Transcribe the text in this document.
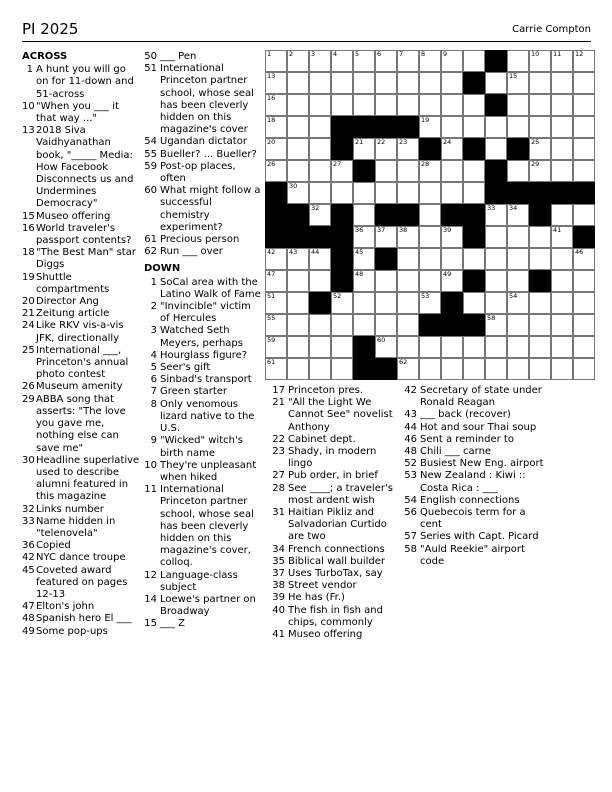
PI 2025	Carrie Compton
ACROSS
1 A hunt you will go on for 11-down and 51-across
10 "When you ___ it that way ..."
13 2018 Siva Vaidhyanathan book, "_____ Media: How Facebook Disconnects us and Undermines Democracy"
15 Museo offering
16 World traveler's passport contents?
18 "The Best Man" star Diggs
19 Shuttle compartments
20 Director Ang
21 Zeitung article
24 Like RKV vis-a-vis JFK, directionally
25 International ___, Princeton's annual photo contest
26 Museum amenity
29 ABBA song that asserts: "The love you gave me, nothing else can save me"
30 Headline superlative used to describe alumni featured in this magazine
32 Links number
33 Name hidden in "telenovela"
36 Copied
42 NYC dance troupe
45 Coveted award featured on pages 12-13
47 Elton's john
48 Spanish hero El ___
49 Some pop-ups
50 ___ Pen
51 International Princeton partner school, whose seal has been cleverly hidden on this magazine's cover
54 Ugandan dictator
55 Bueller? ... Bueller?
59 Post-op places, often
60 What might follow a successful chemistry experiment?
61 Precious person
62 Run ___ over
DOWN
1 SoCal area with the Latino Walk of Fame
2 "Invincible" victim of Hercules
3 Watched Seth Meyers, perhaps
4 Hourglass figure?
5 Seer's gift
6 Sinbad's transport
7 Green starter
8 Only venomous lizard native to the U.S.
9 "Wicked" witch's birth name
10 They're unpleasant when hiked
11 International Princeton partner school, whose seal has been cleverly hidden on this magazine's cover, colloq.
12 Language-class subject
14 Loewe's partner on Broadway
15 ___ Z
17 Princeton pres.
21 "All the Light We Cannot See" novelist Anthony
22 Cabinet dept.
23 Shady, in modern lingo
27 Pub order, in brief
28 See ____; a traveler's most ardent wish
31 Haitian Pikliz and Salvadorian Curtido are two
34 French connections
35 Biblical wall builder
37 Uses TurboTax, say
38 Street vendor
39 He has (Fr.)
40 The fish in fish and chips, commonly
41 Museo offering
42 Secretary of state under Ronald Reagan
43 ___ back (recover)
44 Hot and sour Thai soup
46 Sent a reminder to
48 Chili ___ carne
52 Busiest New Eng. airport
53 New Zealand : Kiwi :: Costa Rica : ___
54 English connections
56 Quebecois term for a cent
57 Series with Capt. Picard
58 "Auld Reekie" airport code
1	2	3	4	5	6	7	8	9	10 11 12
13	15
16
18	19
20	21 22 23	24	25
26	27	28	29
30
32	33 34
36 37 38	39	41
42 43 44	45	46
47	48	49
51	52	53	54
55	58
59	60
61	62
